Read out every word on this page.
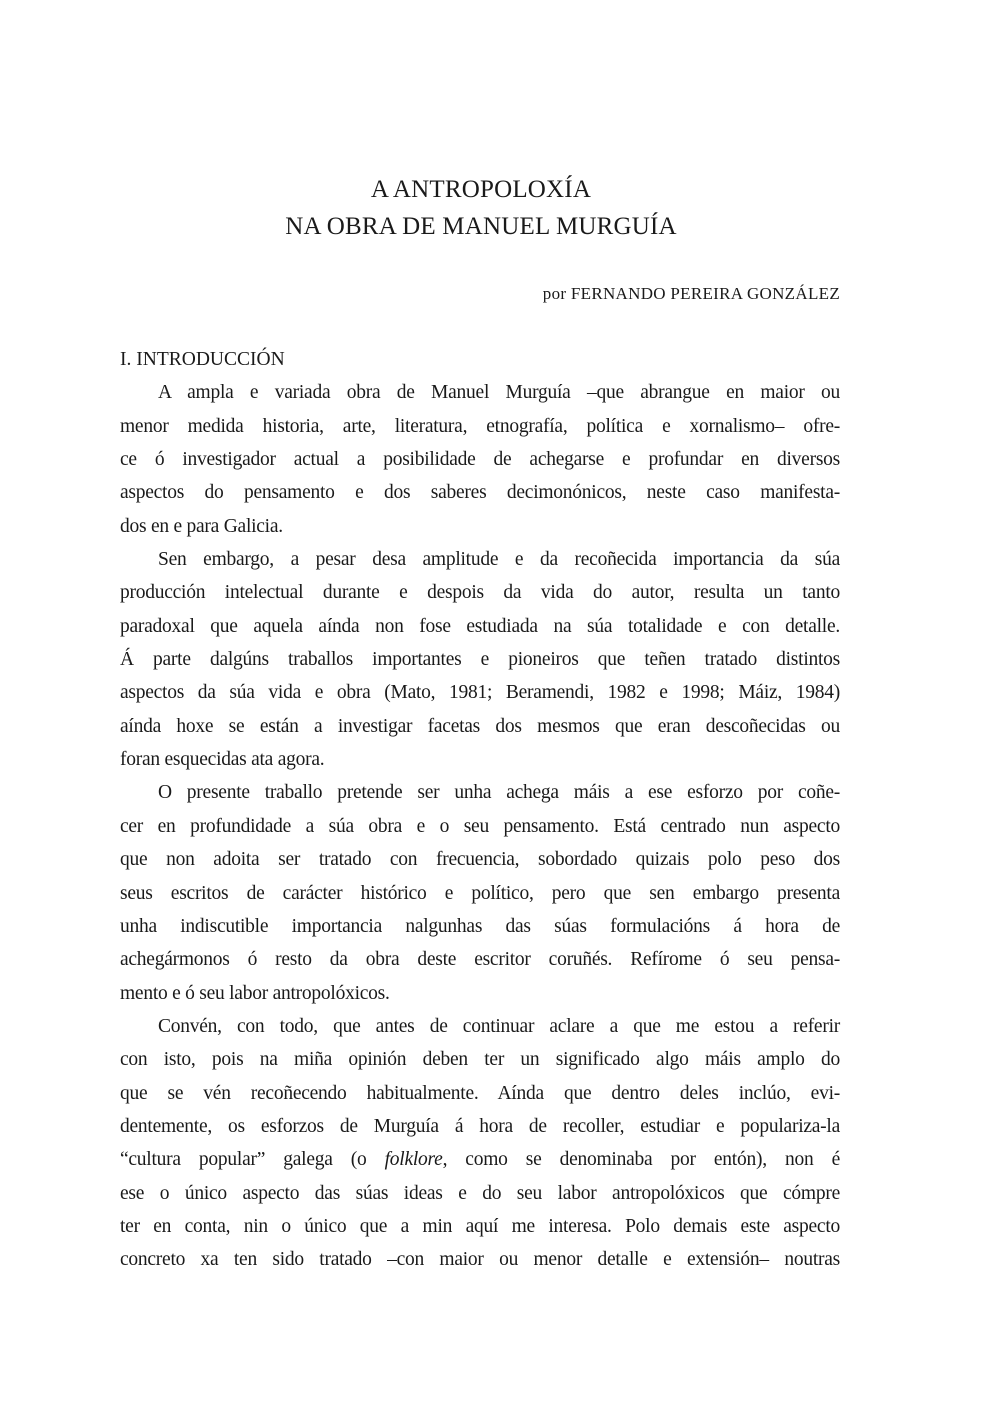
A ANTROPOLOXÍA
NA OBRA DE MANUEL MURGUÍA
por FERNANDO PEREIRA GONZÁLEZ
I. INTRODUCCIÓN
A ampla e variada obra de Manuel Murguía –que abrangue en maior ou
menor medida historia, arte, literatura, etnografía, política e xornalismo– ofre-
ce ó investigador actual a posibilidade de achegarse e profundar en diversos
aspectos do pensamento e dos saberes decimonónicos, neste caso manifesta-
dos en e para Galicia.
Sen embargo, a pesar desa amplitude e da recoñecida importancia da súa
producción intelectual durante e despois da vida do autor, resulta un tanto
paradoxal que aquela aínda non fose estudiada na súa totalidade e con detalle.
Á parte dalgúns traballos importantes e pioneiros que teñen tratado distintos
aspectos da súa vida e obra (Mato, 1981; Beramendi, 1982 e 1998; Máiz, 1984)
aínda hoxe se están a investigar facetas dos mesmos que eran descoñecidas ou
foran esquecidas ata agora.
O presente traballo pretende ser unha achega máis a ese esforzo por coñe-
cer en profundidade a súa obra e o seu pensamento. Está centrado nun aspecto
que non adoita ser tratado con frecuencia, sobordado quizais polo peso dos
seus escritos de carácter histórico e político, pero que sen embargo presenta
unha indiscutible importancia nalgunhas das súas formulacións á hora de
achegármonos ó resto da obra deste escritor coruñés. Refírome ó seu pensa-
mento e ó seu labor antropolóxicos.
Convén, con todo, que antes de continuar aclare a que me estou a referir
con isto, pois na miña opinión deben ter un significado algo máis amplo do
que se vén recoñecendo habitualmente. Aínda que dentro deles inclúo, evi-
dentemente, os esforzos de Murguía á hora de recoller, estudiar e populariza-la
“cultura popular” galega (o folklore, como se denominaba por entón), non é
ese o único aspecto das súas ideas e do seu labor antropolóxicos que cómpre
ter en conta, nin o único que a min aquí me interesa. Polo demais este aspecto
concreto xa ten sido tratado –con maior ou menor detalle e extensión– noutras
